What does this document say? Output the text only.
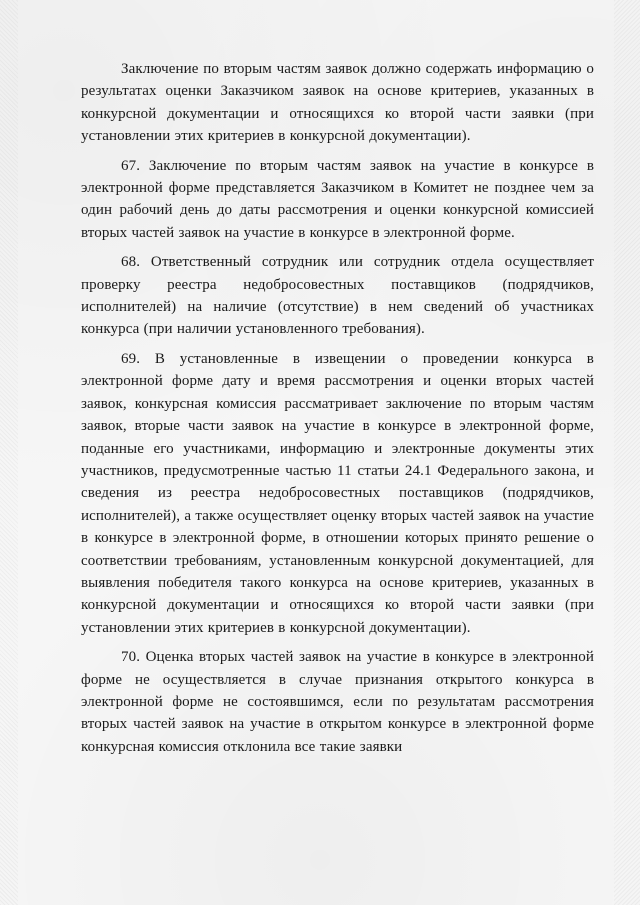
Заключение по вторым частям заявок должно содержать информацию о результатах оценки Заказчиком заявок на основе критериев, указанных в конкурсной документации и относящихся ко второй части заявки (при установлении этих критериев в конкурсной документации).

67. Заключение по вторым частям заявок на участие в конкурсе в электронной форме представляется Заказчиком в Комитет не позднее чем за один рабочий день до даты рассмотрения и оценки конкурсной комиссией вторых частей заявок на участие в конкурсе в электронной форме.

68. Ответственный сотрудник или сотрудник отдела осуществляет проверку реестра недобросовестных поставщиков (подрядчиков, исполнителей) на наличие (отсутствие) в нем сведений об участниках конкурса (при наличии установленного требования).

69. В установленные в извещении о проведении конкурса в электронной форме дату и время рассмотрения и оценки вторых частей заявок, конкурсная комиссия рассматривает заключение по вторым частям заявок, вторые части заявок на участие в конкурсе в электронной форме, поданные его участниками, информацию и электронные документы этих участников, предусмотренные частью 11 статьи 24.1 Федерального закона, и сведения из реестра недобросовестных поставщиков (подрядчиков, исполнителей), а также осуществляет оценку вторых частей заявок на участие в конкурсе в электронной форме, в отношении которых принято решение о соответствии требованиям, установленным конкурсной документацией, для выявления победителя такого конкурса на основе критериев, указанных в конкурсной документации и относящихся ко второй части заявки (при установлении этих критериев в конкурсной документации).

70. Оценка вторых частей заявок на участие в конкурсе в электронной форме не осуществляется в случае признания открытого конкурса в электронной форме не состоявшимся, если по результатам рассмотрения вторых частей заявок на участие в открытом конкурсе в электронной форме конкурсная комиссия отклонила все такие заявки
